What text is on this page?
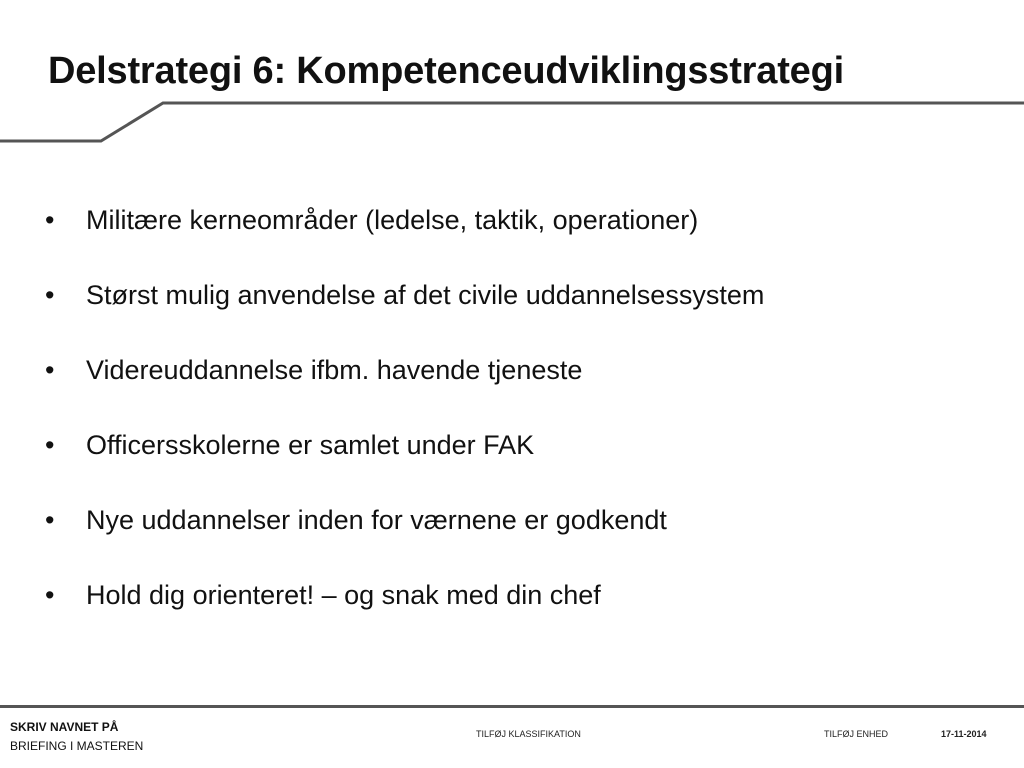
Delstrategi 6: Kompetenceudviklingsstrategi
•	Militære kerneområder (ledelse, taktik, operationer)
•	Størst mulig anvendelse af det civile uddannelsessystem
•	Videreuddannelse ifbm. havende tjeneste
•	Officersskolerne er samlet under FAK
•	Nye uddannelser inden for værnene er godkendt
•	Hold dig orienteret! – og snak med din chef
SKRIV NAVNET PÅ
BRIEFING I MASTEREN
TILFØJ KLASSIFIKATION	TILFØJ ENHED	17-11-2014
